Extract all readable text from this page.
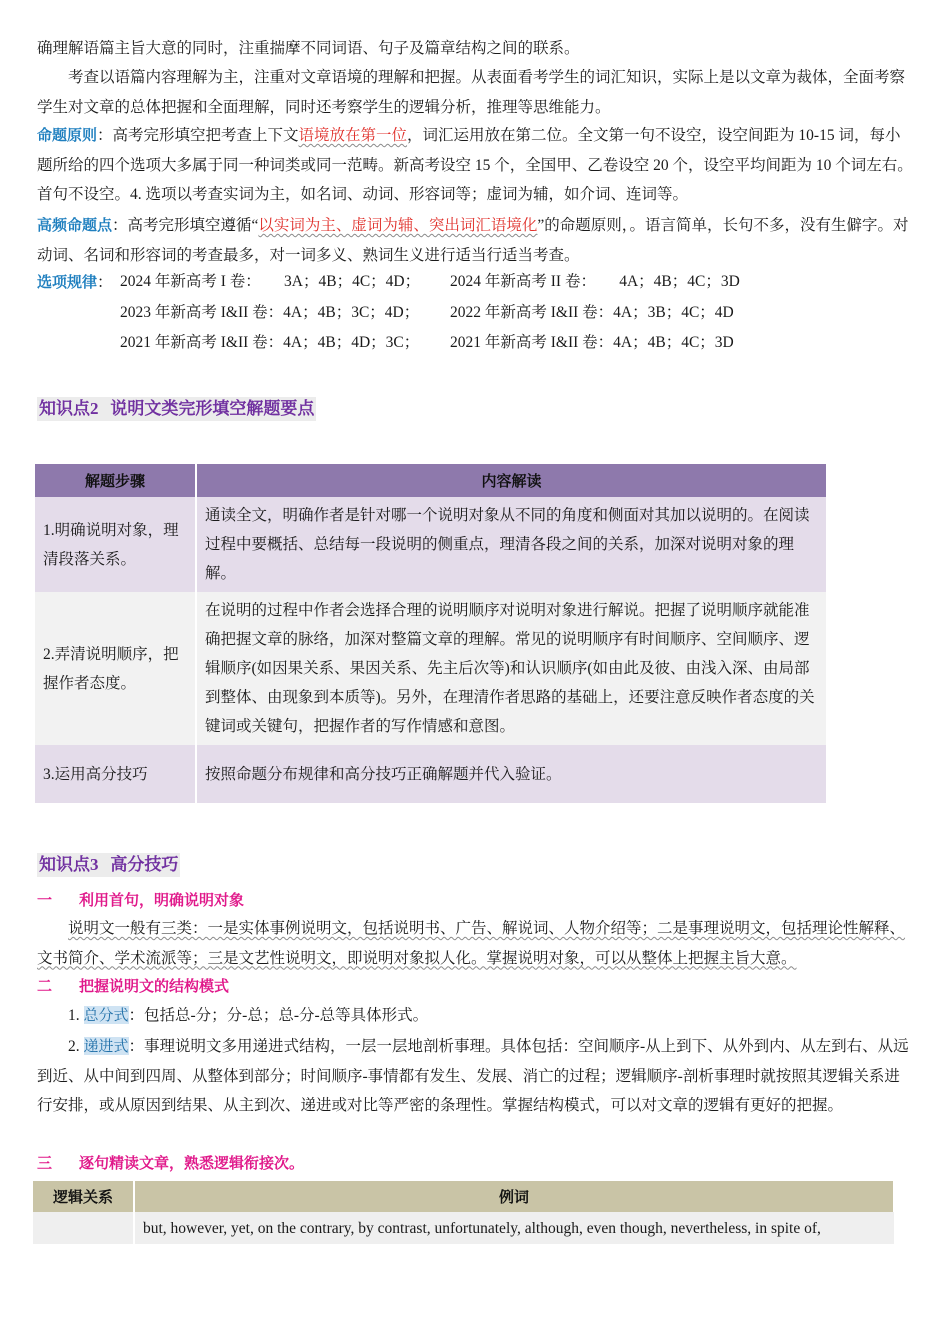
确理解语篇主旨大意的同时，注重揣摩不同词语、句子及篇章结构之间的联系。

考查以语篇内容理解为主，注重对文章语境的理解和把握。从表面看考学生的词汇知识，实际上是以文章为裁体，全面考察学生对文章的总体把握和全面理解，同时还考察学生的逻辑分析，推理等思维能力。

命题原则：高考完形填空把考查上下文语境放在第一位，词汇运用放在第二位。全文第一句不设空，设空间距为 10-15 词，每小题所给的四个选项大多属于同一种词类或同一范畴。新高考设空 15 个，全国甲、乙卷设空 20 个，设空平均间距为 10 个词左右。首句不设空。4. 选项以考查实词为主，如名词、动词、形容词等；虚词为辅，如介词、连词等。

高频命题点：高考完形填空遵循“以实词为主、虚词为辅、突出词汇语境化”的命题原则，。语言简单，长句不多，没有生僻字。对动词、名词和形容词的考查最多，对一词多义、熟词生义进行适当行适当考查。

选项规律： 2024 年新高考 I 卷：      3A；4B；4C；4D； 2024 年新高考 II 卷：      4A；4B；4C；3D
2023 年新高考 I&II 卷：4A；4B；3C；4D； 2022 年新高考 I&II 卷：4A；3B；4C；4D
2021 年新高考 I&II 卷：4A；4B；4D；3C； 2021 年新高考 I&II 卷：4A；4B；4C；3D
知识点2 说明文类完形填空解题要点
解题步骤	内容解读
1.明确说明对象，理清段落关系。	通读全文，明确作者是针对哪一个说明对象从不同的角度和侧面对其加以说明的。在阅读过程中要概括、总结每一段说明的侧重点，理清各段之间的关系，加深对说明对象的理解。
2.弄清说明顺序，把握作者态度。	在说明的过程中作者会选择合理的说明顺序对说明对象进行解说。把握了说明顺序就能准确把握文章的脉络，加深对整篇文章的理解。常见的说明顺序有时间顺序、空间顺序、逻辑顺序(如因果关系、果因关系、先主后次等)和认识顺序(如由此及彼、由浅入深、由局部到整体、由现象到本质等)。另外，在理清作者思路的基础上，还要注意反映作者态度的关键词或关键句，把握作者的写作情感和意图。
3.运用高分技巧	按照命题分布规律和高分技巧正确解题并代入验证。
知识点3 高分技巧
一 利用首句，明确说明对象

说明文一般有三类：一是实体事例说明文，包括说明书、广告、解说词、人物介绍等；二是事理说明文，包括理论性解释、文书简介、学术流派等；三是文艺性说明文，即说明对象拟人化。掌握说明对象，可以从整体上把握主旨大意。

二 把握说明文的结构模式

1. 总分式：包括总-分；分-总；总-分-总等具体形式。

2. 递进式：事理说明文多用递进式结构，一层一层地剖析事理。具体包括：空间顺序-从上到下、从外到内、从左到右、从远到近、从中间到四周、从整体到部分；时间顺序-事情都有发生、发展、消亡的过程；逻辑顺序-剖析事理时就按照其逻辑关系进行安排，或从原因到结果、从主到次、递进或对比等严密的条理性。掌握结构模式，可以对文章的逻辑有更好的把握。

三 逐句精读文章，熟悉逻辑衔接次。
逻辑关系	例词
	but, however, yet, on the contrary, by contrast, unfortunately, although, even though, nevertheless, in spite of,
